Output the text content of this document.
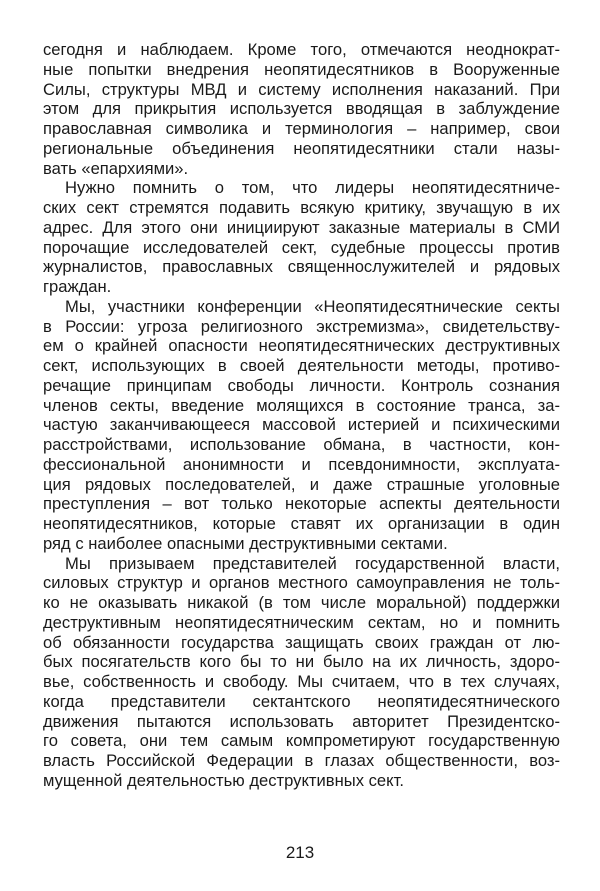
сегодня и наблюдаем. Кроме того, отмечаются неоднократ-
ные попытки внедрения неопятидесятников в Вооруженные
Силы, структуры МВД и систему исполнения наказаний. При
этом для прикрытия используется вводящая в заблуждение
православная символика и терминология – например, свои
региональные объединения неопятидесятники стали назы-
вать «епархиями».
Нужно помнить о том, что лидеры неопятидесятниче-
ских сект стремятся подавить всякую критику, звучащую в их
адрес. Для этого они инициируют заказные материалы в СМИ
порочащие исследователей сект, судебные процессы против
журналистов, православных священнослужителей и рядовых
граждан.
Мы, участники конференции «Неопятидесятнические секты
в России: угроза религиозного экстремизма», свидетельству-
ем о крайней опасности неопятидесятнических деструктивных
сект, использующих в своей деятельности методы, противо-
речащие принципам свободы личности. Контроль сознания
членов секты, введение молящихся в состояние транса, за-
частую заканчивающееся массовой истерией и психическими
расстройствами, использование обмана, в частности, кон-
фессиональной анонимности и псевдонимности, эксплуата-
ция рядовых последователей, и даже страшные уголовные
преступления – вот только некоторые аспекты деятельности
неопятидесятников, которые ставят их организации в один
ряд с наиболее опасными деструктивными сектами.
Мы призываем представителей государственной власти,
силовых структур и органов местного самоуправления не толь-
ко не оказывать никакой (в том числе моральной) поддержки
деструктивным неопятидесятническим сектам, но и помнить
об обязанности государства защищать своих граждан от лю-
бых посягательств кого бы то ни было на их личность, здоро-
вье, собственность и свободу. Мы считаем, что в тех случаях,
когда представители сектантского неопятидесятнического
движения пытаются использовать авторитет Президентско-
го совета, они тем самым компрометируют государственную
власть Российской Федерации в глазах общественности, воз-
мущенной деятельностью деструктивных сект.
213
